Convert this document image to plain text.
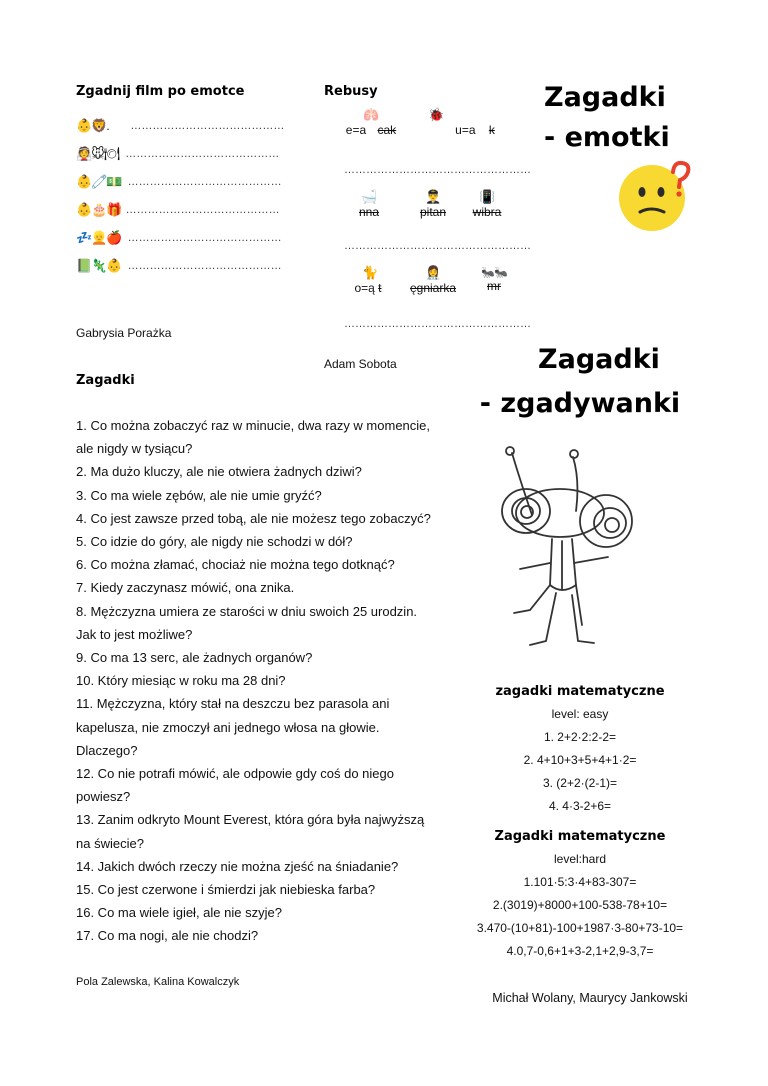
Zgadnij film po emotce
👶🦁 .	……………………………………
👰🐭🍽 ……………………………………
👶🧷💵 ……………………………………
👶🎂🎁 ……………………………………
💤👱🍎 ……………………………………
📗🦎👶 ……………………………………
Gabrysia Porażka
Rebusy
🫁
e=a cak
🐞
u=a k
……………………………………………
🛁
nna
👨‍✈️
pitan
📳
wibra
……………………………………………
🐈
o=ą t
👩‍⚕️
ęgniarka
🐜🐜
mr
……………………………………………
Adam Sobota
Zagadki
- emotki
Zagadki
- zgadywanki
Zagadki
1. Co można zobaczyć raz w minucie, dwa razy w momencie,
ale nigdy w tysiącu?
2. Ma dużo kluczy, ale nie otwiera żadnych dziwi?
3. Co ma wiele zębów, ale nie umie gryźć?
4. Co jest zawsze przed tobą, ale nie możesz tego zobaczyć?
5. Co idzie do góry, ale nigdy nie schodzi w dół?
6. Co można złamać, chociaż nie można tego dotknąć?
7. Kiedy zaczynasz mówić, ona znika.
8. Mężczyzna umiera ze starości w dniu swoich 25 urodzin.
Jak to jest możliwe?
9. Co ma 13 serc, ale żadnych organów?
10. Który miesiąc w roku ma 28 dni?
11. Mężczyzna, który stał na deszczu bez parasola ani
kapelusza, nie zmoczył ani jednego włosa na głowie.
Dlaczego?
12. Co nie potrafi mówić, ale odpowie gdy coś do niego
powiesz?
13. Zanim odkryto Mount Everest, która góra była najwyższą
na świecie?
14. Jakich dwóch rzeczy nie można zjeść na śniadanie?
15. Co jest czerwone i śmierdzi jak niebieska farba?
16. Co ma wiele igieł, ale nie szyje?
17. Co ma nogi, ale nie chodzi?
Pola Zalewska, Kalina Kowalczyk
zagadki matematyczne
level: easy
1. 2+2·2:2-2=
2. 4+10+3+5+4+1·2=
3. (2+2·(2-1)=
4. 4·3-2+6=
Zagadki matematyczne
level:hard
1.101·5:3·4+83-307=
2.(3019)+8000+100-538-78+10=
3.470-(10+81)-100+1987·3-80+73-10=
4.0,7-0,6+1+3-2,1+2,9-3,7=
Michał Wolany, Maurycy Jankowski
